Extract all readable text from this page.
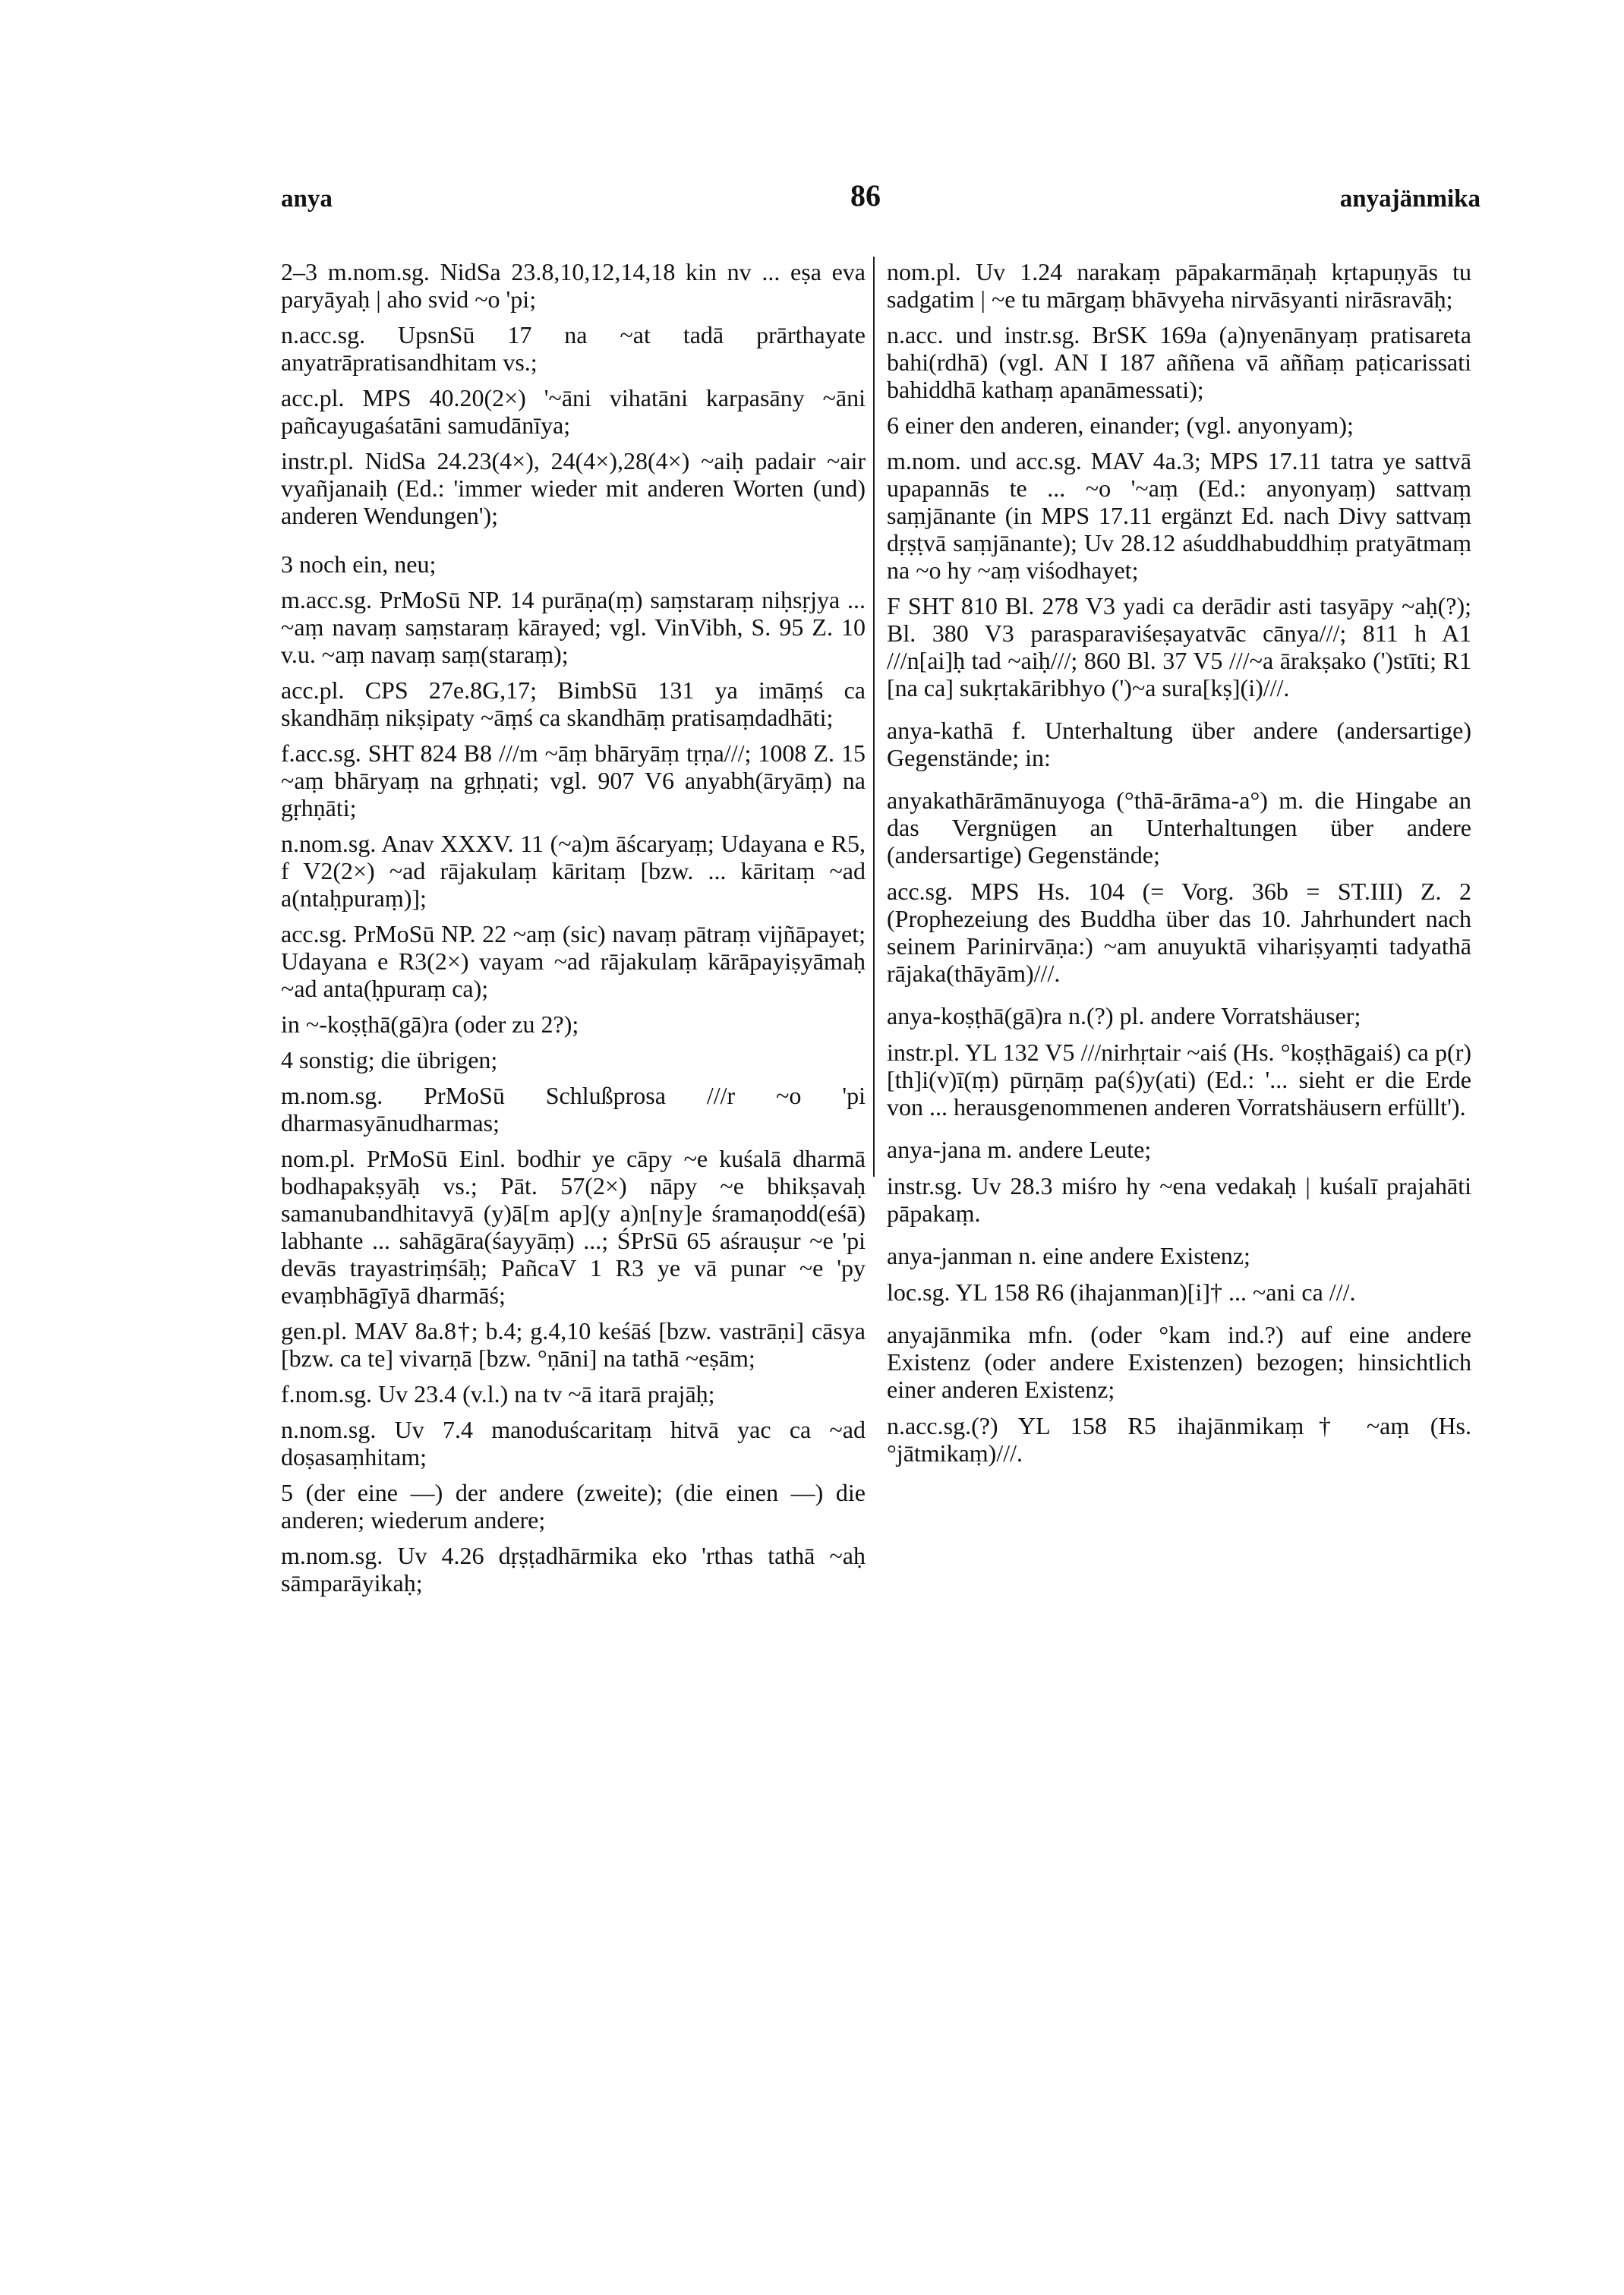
anya	86	anyajänmika
2–3 m.nom.sg. NidSa 23.8,10,12,14,18 kin nv ... eṣa eva paryāyaḥ | aho svid ~o 'pi;
n.acc.sg. UpsnSū 17 na ~at tadā prārthayate anyatrāpratisandhitam vs.;
acc.pl. MPS 40.20(2×) '~āni vihatāni karpasāny ~āni pañcayugaśatāni samudānīya;
instr.pl. NidSa 24.23(4×), 24(4×),28(4×) ~aiḥ padair ~air vyañjanaiḥ (Ed.: 'immer wieder mit anderen Worten (und) anderen Wendungen');
3 noch ein, neu;
m.acc.sg. PrMoSū NP. 14 purāṇa(ṃ) saṃstaraṃ niḥsṛjya ... ~aṃ navaṃ saṃstaraṃ kārayed; vgl. VinVibh, S. 95 Z. 10 v.u. ~aṃ navaṃ saṃ(staraṃ);
acc.pl. CPS 27e.8G,17; BimbSū 131 ya imāṃś ca skandhāṃ nikṣipaty ~āṃś ca skandhāṃ pratisaṃdadhāti;
f.acc.sg. SHT 824 B8 ///m ~āṃ bhāryāṃ tṛṇa///; 1008 Z. 15 ~aṃ bhāryaṃ na gṛhṇati; vgl. 907 V6 anyabh(āryāṃ) na gṛhṇāti;
n.nom.sg. Anav XXXV. 11 (~a)m āścaryaṃ; Udayana e R5, f V2(2×) ~ad rājakulaṃ kāritaṃ [bzw. ... kāritaṃ ~ad a(ntaḥpuraṃ)];
acc.sg. PrMoSū NP. 22 ~aṃ (sic) navaṃ pātraṃ vijñāpayet; Udayana e R3(2×) vayam ~ad rājakulaṃ kārāpayiṣyāmaḥ ~ad anta(ḥpuraṃ ca);
in ~-koṣṭhā(gā)ra (oder zu 2?);
4 sonstig; die übrigen;
m.nom.sg. PrMoSū Schlußprosa ///r ~o 'pi dharmasyānudharmas;
nom.pl. PrMoSū Einl. bodhir ye cāpy ~e kuśalā dharmā bodhapakṣyāḥ vs.; Pāt. 57(2×) nāpy ~e bhikṣavaḥ samanubandhitavyā (y)ā[m ap](y a)n[ny]e śramaṇodd(eśā) labhante ... sahāgāra(śayyāṃ) ...; ŚPrSū 65 aśrauṣur ~e 'pi devās trayastriṃśāḥ; PañcaV 1 R3 ye vā punar ~e 'py evaṃbhāgīyā dharmāś;
gen.pl. MAV 8a.8†; b.4; g.4,10 keśāś [bzw. vastrāṇi] cāsya [bzw. ca te] vivarṇā [bzw. °ṇāni] na tathā ~eṣām;
f.nom.sg. Uv 23.4 (v.l.) na tv ~ā itarā prajāḥ;
n.nom.sg. Uv 7.4 manoduścaritaṃ hitvā yac ca ~ad doṣasaṃhitam;
5 (der eine —) der andere (zweite); (die einen —) die anderen; wiederum andere;
m.nom.sg. Uv 4.26 dṛṣṭadhārmika eko 'rthas tathā ~aḥ sāmparāyikaḥ;
nom.pl. Uv 1.24 narakaṃ pāpakarmāṇaḥ kṛtapuṇyās tu sadgatim | ~e tu mārgaṃ bhāvyeha nirvāsyanti nirāsravāḥ;
n.acc. und instr.sg. BrSK 169a (a)nyenānyaṃ pratisareta bahi(rdhā) (vgl. AN I 187 aññena vā aññaṃ paṭicarissati bahiddhā kathaṃ apanāmessati);
6 einer den anderen, einander; (vgl. anyonyam);
m.nom. und acc.sg. MAV 4a.3; MPS 17.11 tatra ye sattvā upapannās te ... ~o '~aṃ (Ed.: anyonyaṃ) sattvaṃ saṃjānante (in MPS 17.11 ergänzt Ed. nach Divy sattvaṃ dṛṣṭvā saṃjānante); Uv 28.12 aśuddhabuddhiṃ pratyātmaṃ na ~o hy ~aṃ viśodhayet;
F SHT 810 Bl. 278 V3 yadi ca derādir asti tasyāpy ~aḥ(?); Bl. 380 V3 parasparaviśeṣayatvāc cānya///; 811 h A1 ///n[ai]ḥ tad ~aiḥ///; 860 Bl. 37 V5 ///~a ārakṣako (')stīti; R1 [na ca] sukṛtakāribhyo (')~a sura[kṣ](i)///.
anya-kathā f. Unterhaltung über andere (andersartige) Gegenstände; in:
anyakathārāmānuyoga (°thā-ārāma-a°) m. die Hingabe an das Vergnügen an Unterhaltungen über andere (andersartige) Gegenstände;
acc.sg. MPS Hs. 104 (= Vorg. 36b = ST.III) Z. 2 (Prophezeiung des Buddha über das 10. Jahrhundert nach seinem Parinirvāṇa:) ~am anuyuktā vihariṣyaṃti tadyathā rājaka(thāyām)///.
anya-koṣṭhā(gā)ra n.(?) pl. andere Vorratshäuser;
instr.pl. YL 132 V5 ///nirhṛtair ~aiś (Hs. °koṣṭhāgaiś) ca p(r)[th]i(v)ī(ṃ) pūrṇāṃ pa(ś)y(ati) (Ed.: '... sieht er die Erde von ... herausgenommenen anderen Vorratshäusern erfüllt').
anya-jana m. andere Leute;
instr.sg. Uv 28.3 miśro hy ~ena vedakaḥ | kuśalī prajahāti pāpakaṃ.
anya-janman n. eine andere Existenz;
loc.sg. YL 158 R6 (ihajanman)[i]† ... ~ani ca ///.
anyajānmika mfn. (oder °kam ind.?) auf eine andere Existenz (oder andere Existenzen) bezogen; hinsichtlich einer anderen Existenz;
n.acc.sg.(?) YL 158 R5 ihajānmikaṃ† ~aṃ (Hs. °jātmikaṃ)///.
